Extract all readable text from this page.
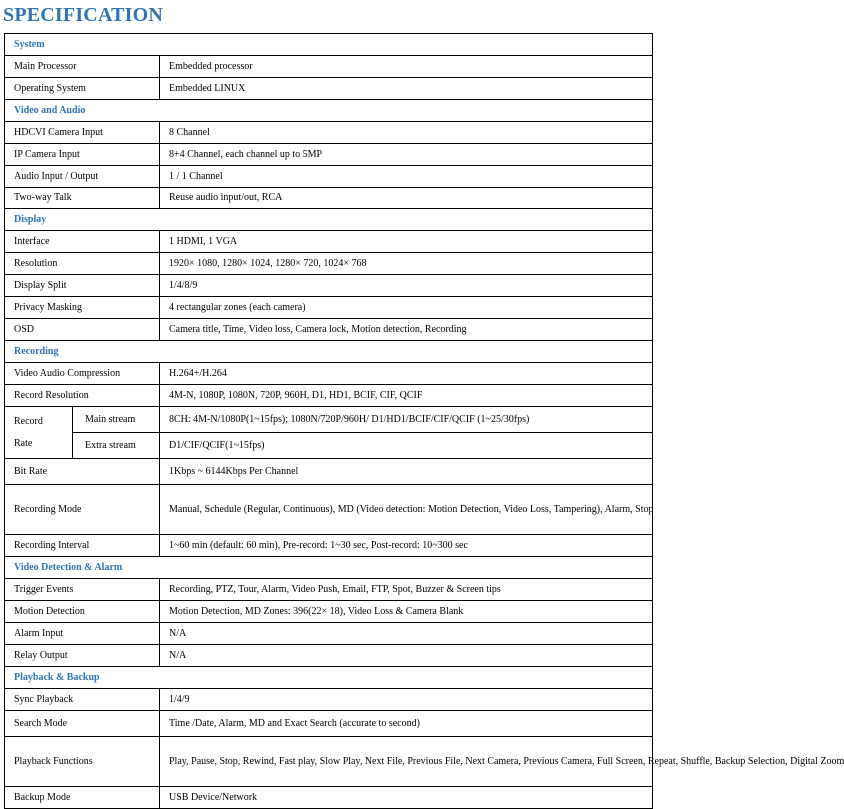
SPECIFICATION
System		
Main Processor		Embedded processor
Operating System		Embedded LINUX
Video and Audio		
HDCVI Camera Input		8 Channel
IP Camera Input		8+4 Channel, each channel up to 5MP
Audio Input / Output		1 / 1 Channel
Two-way Talk		Reuse audio input/out, RCA
Display		
Interface		1 HDMI, 1 VGA
Resolution		1920× 1080, 1280× 1024, 1280× 720, 1024× 768
Display Split		1/4/8/9
Privacy Masking		4 rectangular zones (each camera)
OSD		Camera title, Time, Video loss, Camera lock, Motion detection, Recording
Recording		
Video Audio Compression		H.264+/H.264
Record Resolution		4M-N, 1080P, 1080N, 720P, 960H, D1, HD1, BCIF, CIF, QCIF

Record
Rate	Main stream	8CH: 4M-N/1080P(1~15fps); 1080N/720P/960H/ D1/HD1/BCIF/CIF/QCIF (1~25/30fps)
	Extra stream	D1/CIF/QCIF(1~15fps)
Bit Rate		1Kbps ~ 6144Kbps Per Channel
Recording Mode		Manual, Schedule (Regular, Continuous), MD (Video detection: Motion Detection, Video Loss, Tampering), Alarm, Stop
Recording Interval		1~60 min (default: 60 min), Pre-record: 1~30 sec, Post-record: 10~300 sec
Video Detection & Alarm		
Trigger Events		Recording, PTZ, Tour, Alarm, Video Push, Email, FTP, Spot, Buzzer & Screen tips
Motion Detection		Motion Detection, MD Zones: 396(22× 18), Video Loss & Camera Blank
Alarm Input		N/A
Relay Output		N/A
Playback & Backup		
Sync Playback		1/4/9
Search Mode		Time /Date, Alarm, MD and Exact Search (accurate to second)
Playback Functions		Play, Pause, Stop, Rewind, Fast play, Slow Play, Next File, Previous File, Next Camera, Previous Camera, Full Screen, Repeat, Shuffle, Backup Selection, Digital Zoom
Backup Mode		USB Device/Network
